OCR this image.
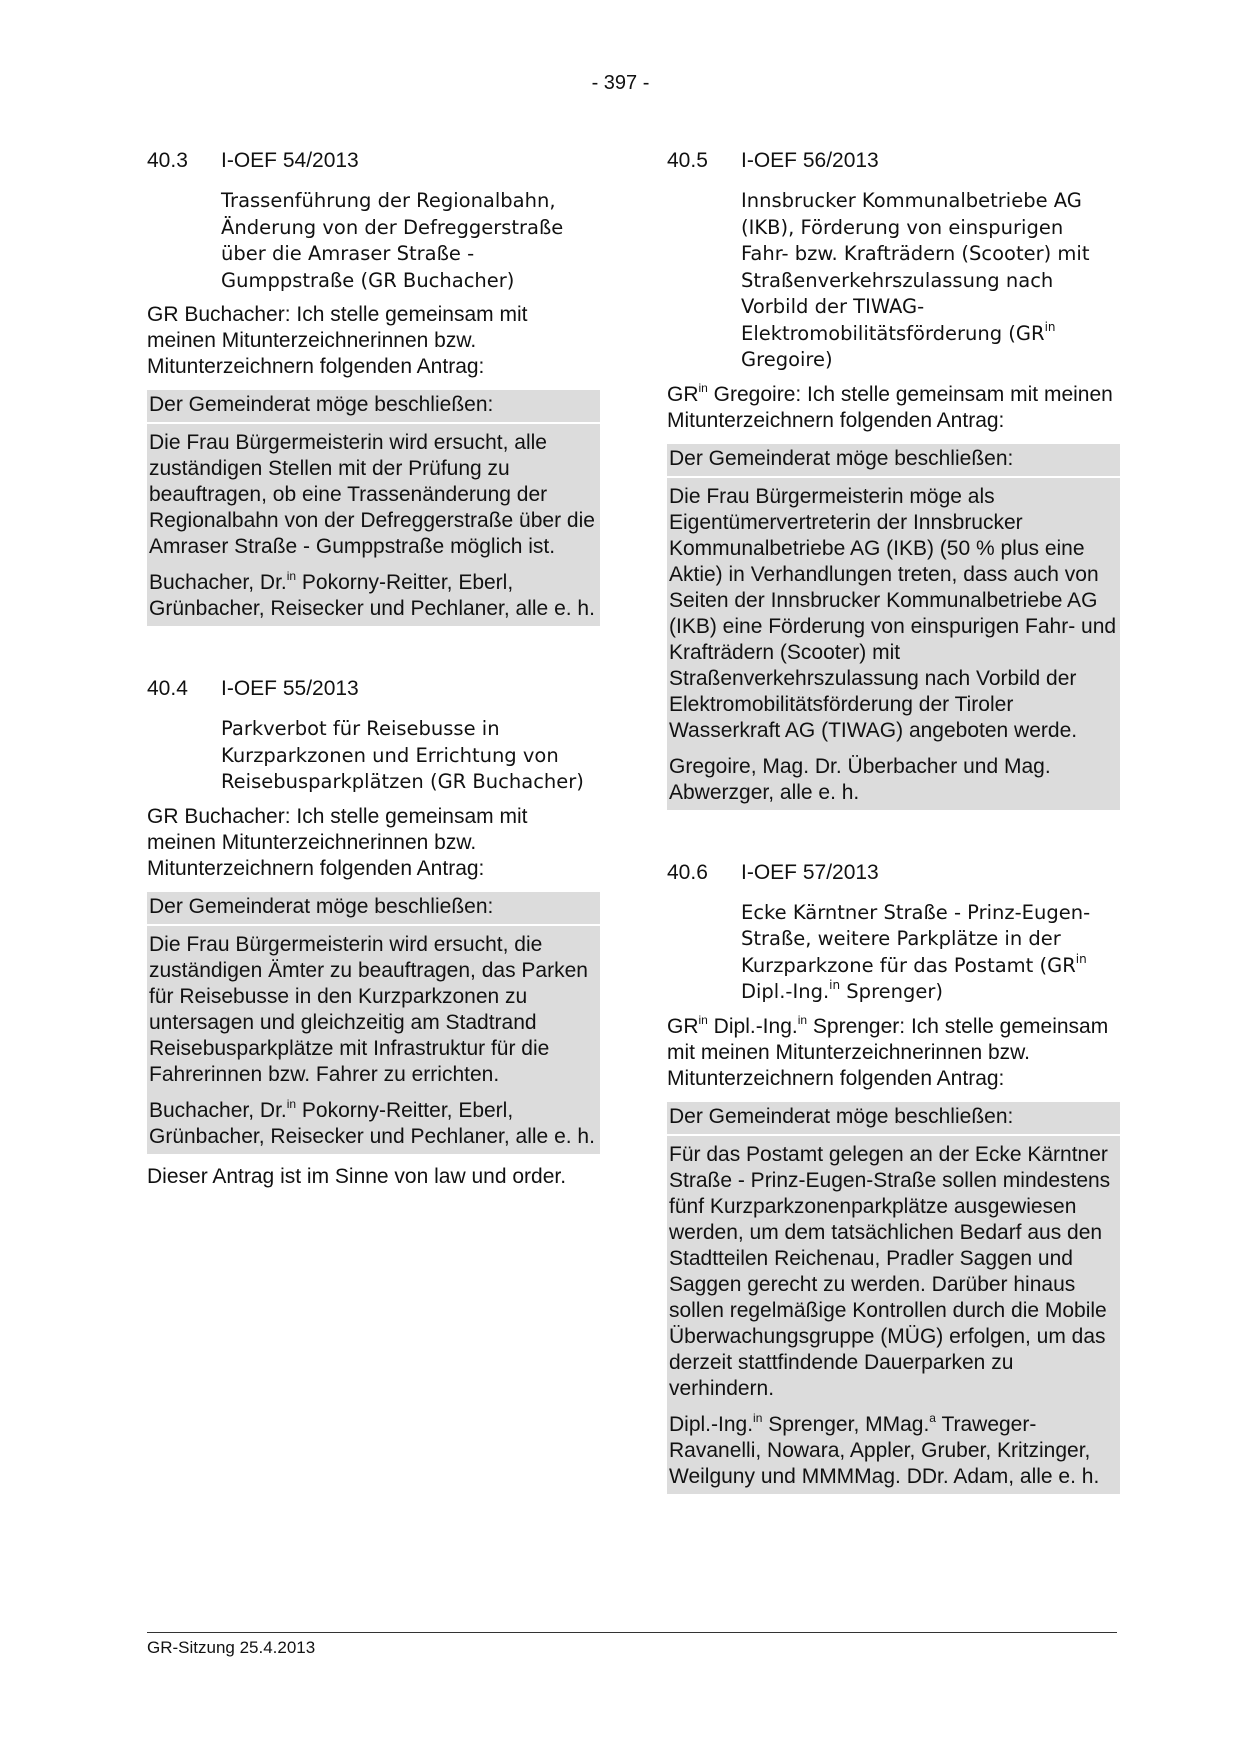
- 397 -
40.3	I-OEF 54/2013
Trassenführung der Regionalbahn, Änderung von der Defreggerstraße über die Amraser Straße - Gumppstraße (GR Buchacher)

GR Buchacher: Ich stelle gemeinsam mit meinen Mitunterzeichnerinnen bzw. Mitunterzeichnern folgenden Antrag:

Der Gemeinderat möge beschließen:

Die Frau Bürgermeisterin wird ersucht, alle zuständigen Stellen mit der Prüfung zu beauftragen, ob eine Trassenänderung der Regionalbahn von der Defreggerstraße über die Amraser Straße - Gumppstraße möglich ist.

Buchacher, Dr.$^{in}$ Pokorny-Reitter, Eberl, Grünbacher, Reisecker und Pechlaner, alle e. h.

40.4	I-OEF 55/2013
Parkverbot für Reisebusse in Kurzparkzonen und Errichtung von Reisebusparkplätzen (GR Buchacher)

GR Buchacher: Ich stelle gemeinsam mit meinen Mitunterzeichnerinnen bzw. Mitunterzeichnern folgenden Antrag:

Der Gemeinderat möge beschließen:

Die Frau Bürgermeisterin wird ersucht, die zuständigen Ämter zu beauftragen, das Parken für Reisebusse in den Kurzparkzonen zu untersagen und gleichzeitig am Stadtrand Reisebusparkplätze mit Infrastruktur für die Fahrerinnen bzw. Fahrer zu errichten.

Buchacher, Dr.$^{in}$ Pokorny-Reitter, Eberl, Grünbacher, Reisecker und Pechlaner, alle e. h.

Dieser Antrag ist im Sinne von law und order.

40.5	I-OEF 56/2013
Innsbrucker Kommunalbetriebe AG (IKB), Förderung von einspurigen Fahr- bzw. Krafträdern (Scooter) mit Straßenverkehrszulassung nach Vorbild der TIWAG-Elektromobilitätsförderung ($GR^{in}$ Gregoire)

$GR^{in}$ Gregoire: Ich stelle gemeinsam mit meinen Mitunterzeichnern folgenden Antrag:

Der Gemeinderat möge beschließen:

Die Frau Bürgermeisterin möge als Eigentümervertreterin der Innsbrucker Kommunalbetriebe AG (IKB) (50 % plus eine Aktie) in Verhandlungen treten, dass auch von Seiten der Innsbrucker Kommunalbetriebe AG (IKB) eine Förderung von einspurigen Fahr- und Krafträdern (Scooter) mit Straßenverkehrszulassung nach Vorbild der Elektromobilitätsförderung der Tiroler Wasserkraft AG (TIWAG) angeboten werde.

Gregoire, Mag. Dr. Überbacher und Mag. Abwerzger, alle e. h.

40.6	I-OEF 57/2013
Ecke Kärntner Straße - Prinz-Eugen-Straße, weitere Parkplätze in der Kurzparkzone für das Postamt ($GR^{in}$ Dipl.-Ing.$^{in}$ Sprenger)

$GR^{in}$ Dipl.-Ing.$^{in}$ Sprenger: Ich stelle gemeinsam mit meinen Mitunterzeichnerinnen bzw. Mitunterzeichnern folgenden Antrag:

Der Gemeinderat möge beschließen:

Für das Postamt gelegen an der Ecke Kärntner Straße - Prinz-Eugen-Straße sollen mindestens fünf Kurzparkzonenparkplätze ausgewiesen werden, um dem tatsächlichen Bedarf aus den Stadtteilen Reichenau, Pradler Saggen und Saggen gerecht zu werden. Darüber hinaus sollen regelmäßige Kontrollen durch die Mobile Überwachungsgruppe (MÜG) erfolgen, um das derzeit stattfindende Dauerparken zu verhindern.

Dipl.-Ing.$^{in}$ Sprenger, MMag.$^a$ Traweger-Ravanelli, Nowara, Appler, Gruber, Kritzinger, Weilguny und MMMMag. DDr. Adam, alle e. h.

GR-Sitzung 25.4.2013
